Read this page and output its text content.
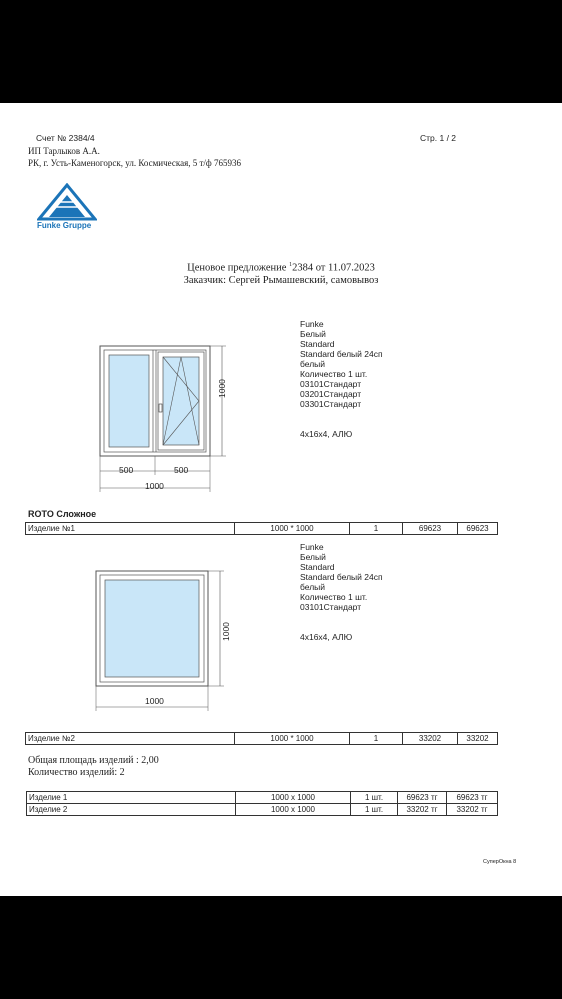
Счет № 2384/4	Стр. 1 / 2
ИП Тарлыков А.А.
РК, г. Усть-Каменогорск, ул. Космическая, 5 т/ф 765936
Funke Gruppe
Ценовое предложение $^1$2384 от 11.07.2023
Заказчик: Сергей Рымашевский, самовывоз
1000
500	500
1000
Funke
Белый
Standard
Standard белый 24сп
белый
Количество 1 шт.
03101Стандарт
03201Стандарт
03301Стандарт
4x16x4, АЛЮ
ROTO Сложное
Изделие №1	1000 * 1000	1	69623	69623
1000
1000
Funke
Белый
Standard
Standard белый 24сп
белый
Количество 1 шт.
03101Стандарт
4x16x4, АЛЮ
Изделие №2	1000 * 1000	1	33202	33202
Общая площадь изделий : 2,00
Количество изделий: 2
Изделие 1	1000 x 1000	1 шт.	69623 тг	69623 тг
Изделие 2	1000 x 1000	1 шт.	33202 тг	33202 тг
СуперОкна 8
